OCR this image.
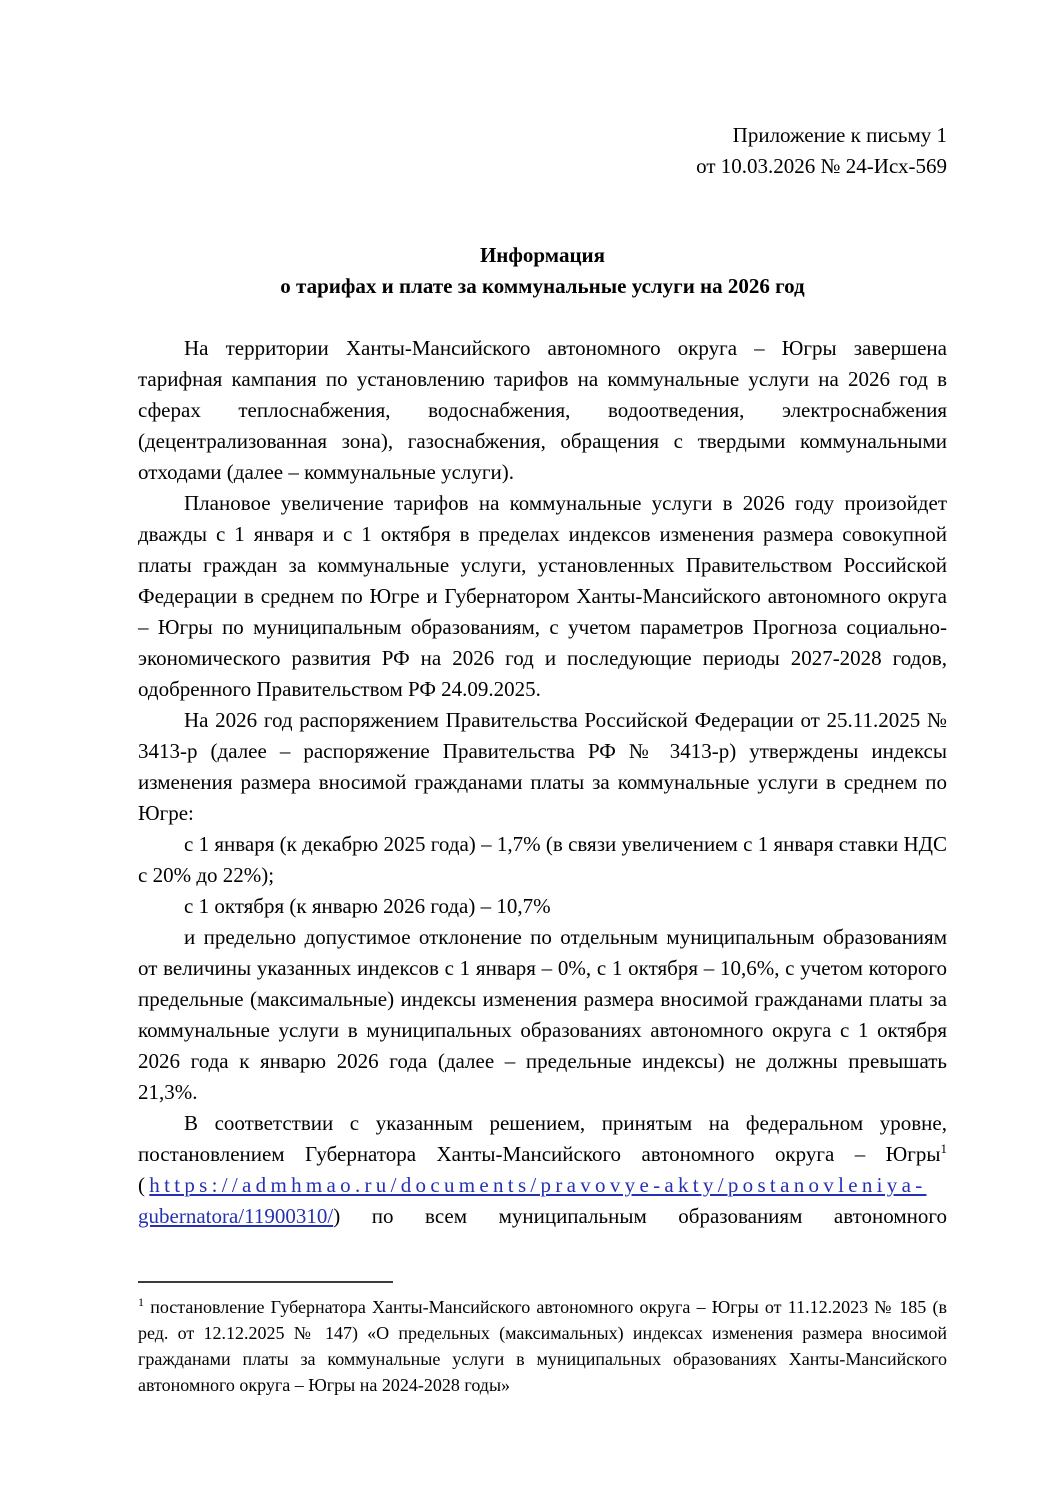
Приложение к письму 1
от 10.03.2026 № 24-Исх-569
Информация
о тарифах и плате за коммунальные услуги на 2026 год

На территории Ханты-Мансийского автономного округа – Югры завершена тарифная кампания по установлению тарифов на коммунальные услуги на 2026 год в сферах теплоснабжения, водоснабжения, водоотведения, электроснабжения (децентрализованная зона), газоснабжения, обращения с твердыми коммунальными отходами (далее – коммунальные услуги).

Плановое увеличение тарифов на коммунальные услуги в 2026 году произойдет дважды с 1 января и с 1 октября в пределах индексов изменения размера совокупной платы граждан за коммунальные услуги, установленных Правительством Российской Федерации в среднем по Югре и Губернатором Ханты-Мансийского автономного округа – Югры по муниципальным образованиям, с учетом параметров Прогноза социально-экономического развития РФ на 2026 год и последующие периоды 2027-2028 годов, одобренного Правительством РФ 24.09.2025.

На 2026 год распоряжением Правительства Российской Федерации от 25.11.2025 № 3413-р (далее – распоряжение Правительства РФ № 3413-р) утверждены индексы изменения размера вносимой гражданами платы за коммунальные услуги в среднем по Югре:

с 1 января (к декабрю 2025 года) – 1,7% (в связи увеличением с 1 января ставки НДС с 20% до 22%);

с 1 октября (к январю 2026 года) – 10,7%

и предельно допустимое отклонение по отдельным муниципальным образованиям от величины указанных индексов с 1 января – 0%, с 1 октября – 10,6%, с учетом которого предельные (максимальные) индексы изменения размера вносимой гражданами платы за коммунальные услуги в муниципальных образованиях автономного округа с 1 октября 2026 года к январю 2026 года (далее – предельные индексы) не должны превышать 21,3%.

В соответствии с указанным решением, принятым на федеральном уровне, постановлением Губернатора Ханты-Мансийского автономного округа – Югры$^1$ (https://admhmao.ru/documents/pravovye-akty/postanovleniya-
gubernatora/11900310/) по всем муниципальным образованиям автономного

$^1$ постановление Губернатора Ханты-Мансийского автономного округа – Югры от 11.12.2023 № 185 (в ред. от 12.12.2025 № 147) «О предельных (максимальных) индексах изменения размера вносимой гражданами платы за коммунальные услуги в муниципальных образованиях Ханты-Мансийского автономного округа – Югры на 2024-2028 годы»
